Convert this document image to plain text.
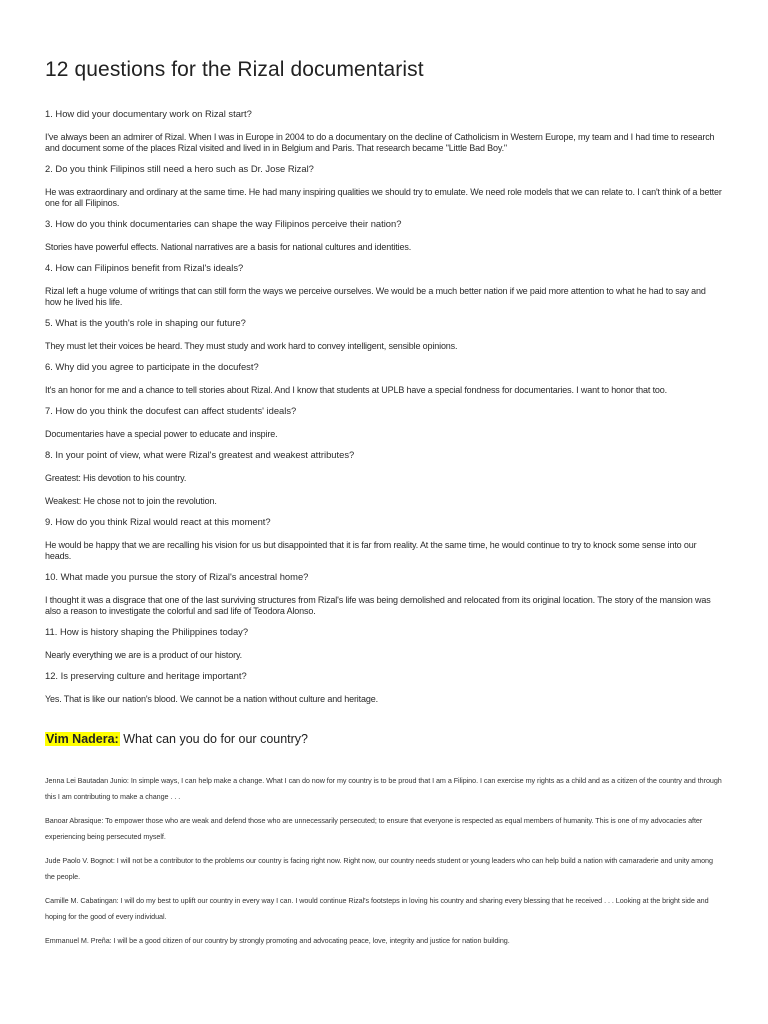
12 questions for the Rizal documentarist

1. How did your documentary work on Rizal start?

I've always been an admirer of Rizal. When I was in Europe in 2004 to do a documentary on the decline of Catholicism in Western Europe, my team and I had time to research and document some of the places Rizal visited and lived in in Belgium and Paris. That research became "Little Bad Boy."

2. Do you think Filipinos still need a hero such as Dr. Jose Rizal?

He was extraordinary and ordinary at the same time. He had many inspiring qualities we should try to emulate. We need role models that we can relate to. I can't think of a better one for all Filipinos.

3. How do you think documentaries can shape the way Filipinos perceive their nation?

Stories have powerful effects. National narratives are a basis for national cultures and identities.

4. How can Filipinos benefit from Rizal's ideals?

Rizal left a huge volume of writings that can still form the ways we perceive ourselves. We would be a much better nation if we paid more attention to what he had to say and how he lived his life.

5. What is the youth's role in shaping our future?

They must let their voices be heard. They must study and work hard to convey intelligent, sensible opinions.

6. Why did you agree to participate in the docufest?

It's an honor for me and a chance to tell stories about Rizal. And I know that students at UPLB have a special fondness for documentaries. I want to honor that too.

7. How do you think the docufest can affect students' ideals?

Documentaries have a special power to educate and inspire.

8. In your point of view, what were Rizal's greatest and weakest attributes?

Greatest: His devotion to his country.

Weakest: He chose not to join the revolution.

9. How do you think Rizal would react at this moment?

He would be happy that we are recalling his vision for us but disappointed that it is far from reality. At the same time, he would continue to try to knock some sense into our heads.

10. What made you pursue the story of Rizal's ancestral home?

I thought it was a disgrace that one of the last surviving structures from Rizal's life was being demolished and relocated from its original location. The story of the mansion was also a reason to investigate the colorful and sad life of Teodora Alonso.

11. How is history shaping the Philippines today?

Nearly everything we are is a product of our history.

12. Is preserving culture and heritage important?

Yes. That is like our nation's blood. We cannot be a nation without culture and heritage.

Vim Nadera: What can you do for our country?

Jenna Lei Bautadan Junio: In simple ways, I can help make a change. What I can do now for my country is to be proud that I am a Filipino. I can exercise my rights as a child and as a citizen of the country and through this I am contributing to make a change . . .

Banoar Abrasique: To empower those who are weak and defend those who are unnecessarily persecuted; to ensure that everyone is respected as equal members of humanity. This is one of my advocacies after experiencing being persecuted myself.

Jude Paolo V. Bognot: I will not be a contributor to the problems our country is facing right now. Right now, our country needs student or young leaders who can help build a nation with camaraderie and unity among the people.

Camille M. Cabatingan: I will do my best to uplift our country in every way I can. I would continue Rizal's footsteps in loving his country and sharing every blessing that he received . . . Looking at the bright side and hoping for the good of every individual.

Emmanuel M. Preña: I will be a good citizen of our country by strongly promoting and advocating peace, love, integrity and justice for nation building.
